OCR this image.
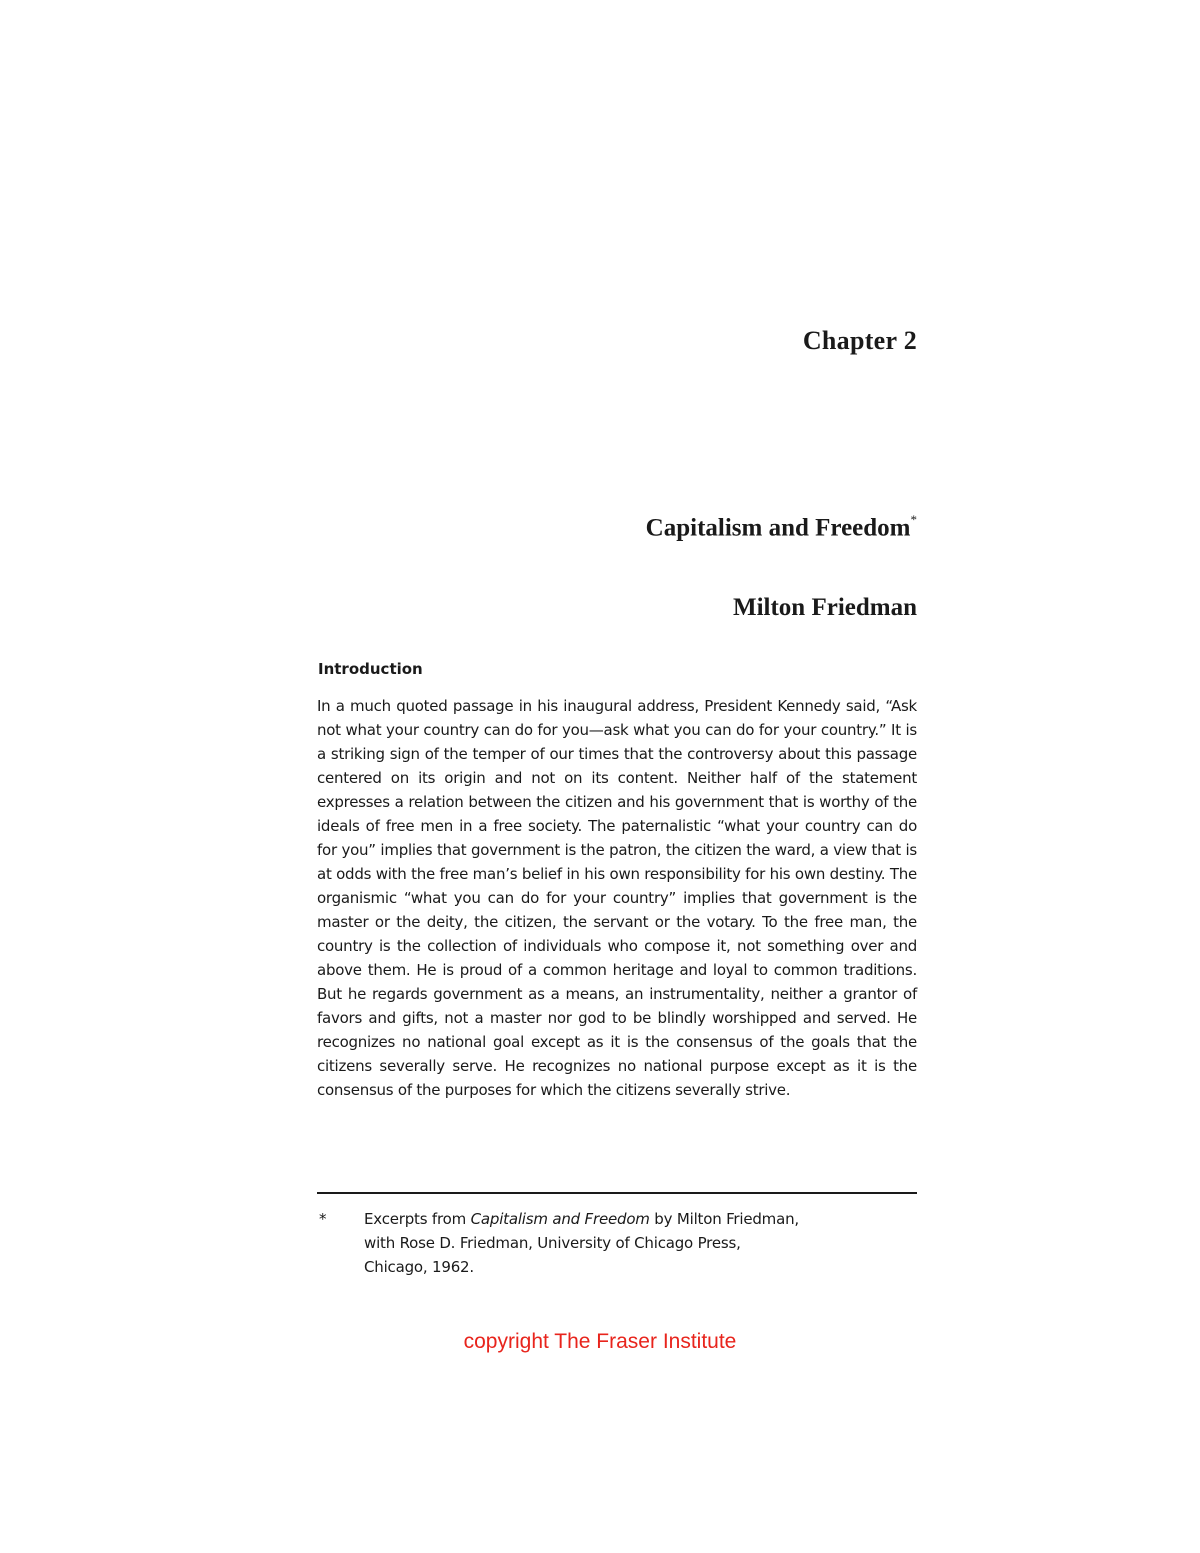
Chapter 2
Capitalism and Freedom*
Milton Friedman
Introduction

In a much quoted passage in his inaugural address, President Kennedy said, “Ask not what your country can do for you—ask what you can do for your country.” It is a striking sign of the temper of our times that the controversy about this passage centered on its origin and not on its content. Neither half of the statement expresses a relation between the citizen and his government that is worthy of the ideals of free men in a free society. The paternalistic “what your country can do for you” implies that government is the patron, the citizen the ward, a view that is at odds with the free man’s belief in his own responsibility for his own destiny. The organismic “what you can do for your country” implies that government is the master or the deity, the citizen, the servant or the votary. To the free man, the country is the collection of individuals who compose it, not something over and above them. He is proud of a common heritage and loyal to common traditions. But he regards government as a means, an instrumentality, neither a grantor of favors and gifts, not a master nor god to be blindly worshipped and served. He recognizes no national goal except as it is the consensus of the goals that the citizens severally serve. He recognizes no national purpose except as it is the consensus of the purposes for which the citizens severally strive.

*	Excerpts from Capitalism and Freedom by Milton Friedman,
with Rose D. Friedman, University of Chicago Press,
Chicago, 1962.
copyright The Fraser Institute
